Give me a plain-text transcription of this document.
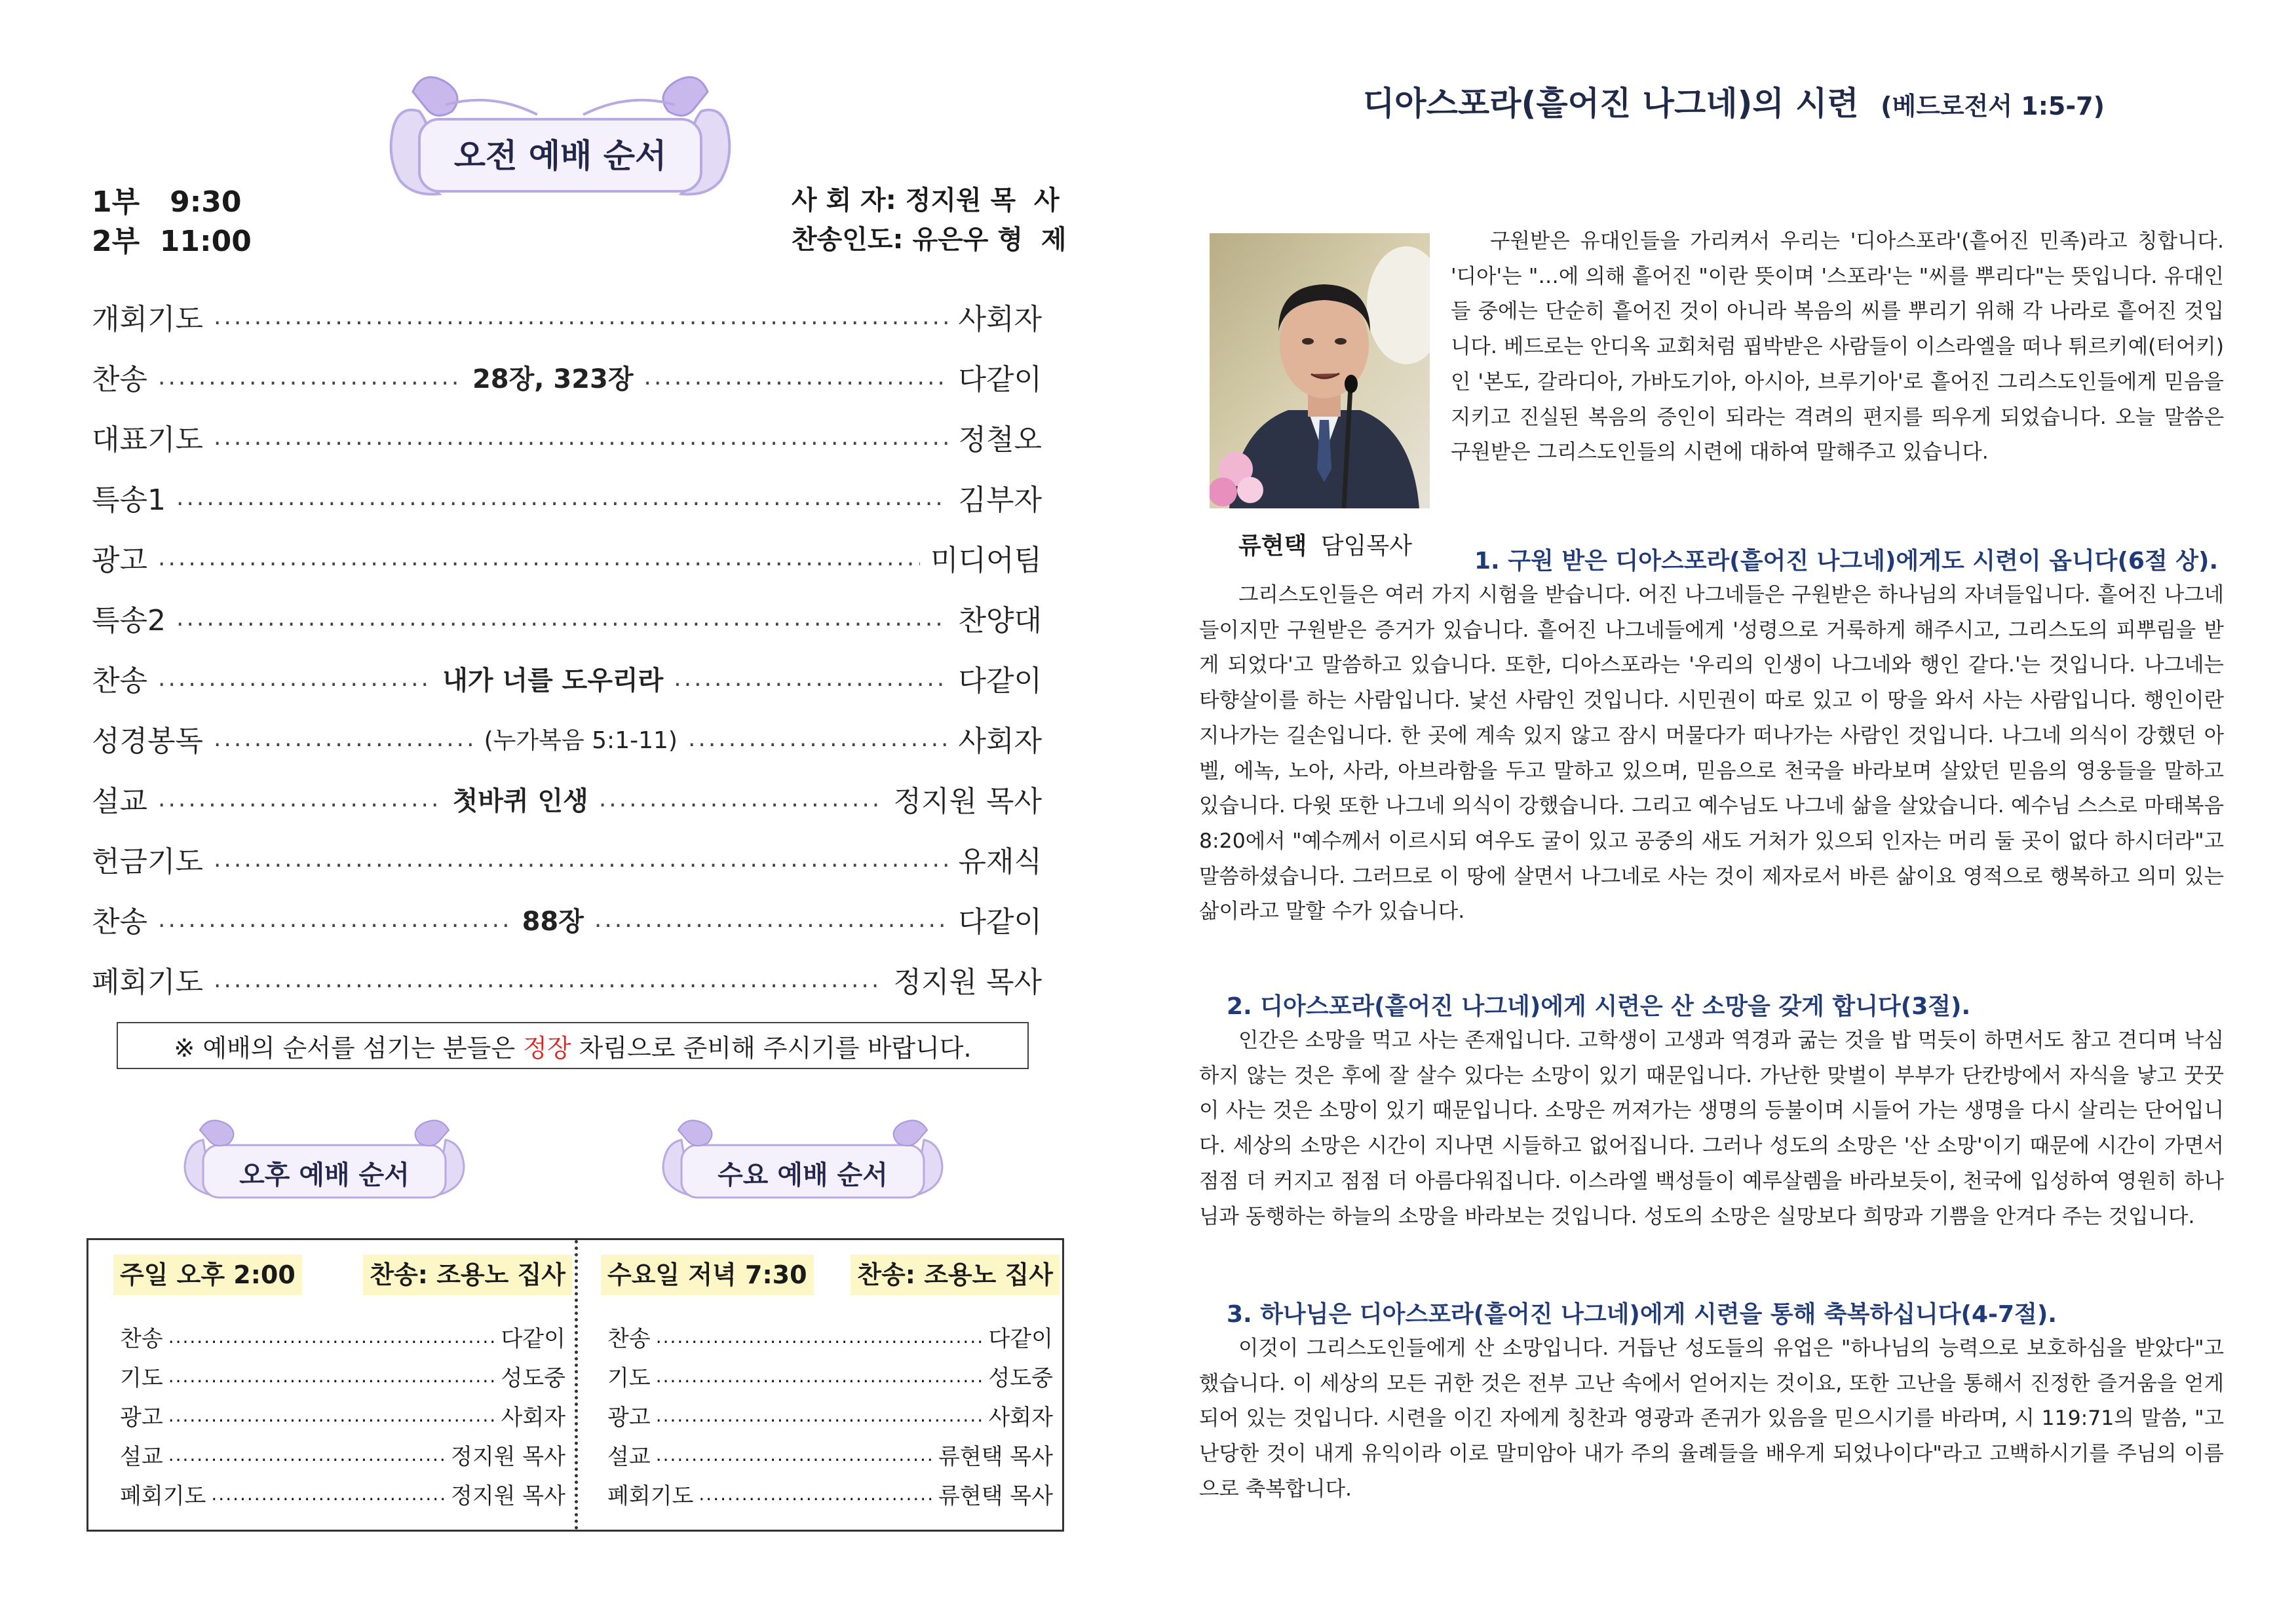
오전 예배 순서
1부   9:30
2부  11:00
사 회 자: 정지원 목  사
찬송인도: 유은우 형  제
개회기도 .....	사회자
찬송 .....	28장, 323장 .....	다같이
대표기도 .....	정철오
특송1 .....	김부자
광고 .....	미디어팀
특송2 .....	찬양대
찬송 .....	내가 너를 도우리라 .....	다같이
성경봉독 .....	(누가복음 5:1-11) .....	사회자
설교 .....	첫바퀴 인생 .....	정지원 목사
헌금기도 .....	유재식
찬송 .....	88장 .....	다같이
폐회기도 .....	정지원 목사
※ 예배의 순서를 섬기는 분들은 정장 차림으로 준비해 주시기를 바랍니다.
오후 예배 순서	수요 예배 순서
주일 오후 2:00	찬송: 조용노 집사
찬송 .....	다같이
기도 .....	성도중
광고 .....	사회자
설교 .....	정지원 목사
폐회기도 .....	정지원 목사
수요일 저녁 7:30 찬송: 조용노 집사
찬송 .....	다같이
기도 .....	성도중
광고 .....	사회자
설교 .....	류현택 목사
폐회기도 .....	류현택 목사
디아스포라(흩어진 나그네)의 시련 (베드로전서 1:5-7)
류현택 담임목사

구원받은 유대인들을 가리켜서 우리는 '디아스포라'(흩어진 민족)라고 칭합니다. '디아'는 "…에 의해 흩어진 "이란 뜻이며 '스포라'는 "씨를 뿌리다"는 뜻입니다. 유대인들 중에는 단순히 흩어진 것이 아니라 복음의 씨를 뿌리기 위해 각 나라로 흩어진 것입니다. 베드로는 안디옥 교회처럼 핍박받은 사람들이 이스라엘을 떠나 튀르키예(터어키)인 '본도, 갈라디아, 가바도기아, 아시아, 브루기아'로 흩어진 그리스도인들에게 믿음을 지키고 진실된 복음의 증인이 되라는 격려의 편지를 띄우게 되었습니다. 오늘 말씀은 구원받은 그리스도인들의 시련에 대하여 말해주고 있습니다.

1. 구원 받은 디아스포라(흩어진 나그네)에게도 시련이 옵니다(6절 상).

그리스도인들은 여러 가지 시험을 받습니다. 어진 나그네들은 구원받은 하나님의 자녀들입니다. 흩어진 나그네들이지만 구원받은 증거가 있습니다. 흩어진 나그네들에게 '성령으로 거룩하게 해주시고, 그리스도의 피뿌림을 받게 되었다'고 말씀하고 있습니다. 또한, 디아스포라는 '우리의 인생이 나그네와 행인 같다.'는 것입니다. 나그네는 타향살이를 하는 사람입니다. 낯선 사람인 것입니다. 시민권이 따로 있고 이 땅을 와서 사는 사람입니다. 행인이란 지나가는 길손입니다. 한 곳에 계속 있지 않고 잠시 머물다가 떠나가는 사람인 것입니다. 나그네 의식이 강했던 아벨, 에녹, 노아, 사라, 아브라함을 두고 말하고 있으며, 믿음으로 천국을 바라보며 살았던 믿음의 영웅들을 말하고 있습니다. 다윗 또한 나그네 의식이 강했습니다. 그리고 예수님도 나그네 삶을 살았습니다. 예수님 스스로 마태복음 8:20에서 "예수께서 이르시되 여우도 굴이 있고 공중의 새도 거처가 있으되 인자는 머리 둘 곳이 없다 하시더라"고 말씀하셨습니다. 그러므로 이 땅에 살면서 나그네로 사는 것이 제자로서 바른 삶이요 영적으로 행복하고 의미 있는 삶이라고 말할 수가 있습니다.

2. 디아스포라(흩어진 나그네)에게 시련은 산 소망을 갖게 합니다(3절).

인간은 소망을 먹고 사는 존재입니다. 고학생이 고생과 역경과 굶는 것을 밥 먹듯이 하면서도 참고 견디며 낙심하지 않는 것은 후에 잘 살수 있다는 소망이 있기 때문입니다. 가난한 맞벌이 부부가 단칸방에서 자식을 낳고 꿋꿋이 사는 것은 소망이 있기 때문입니다. 소망은 꺼져가는 생명의 등불이며 시들어 가는 생명을 다시 살리는 단어입니다. 세상의 소망은 시간이 지나면 시들하고 없어집니다. 그러나 성도의 소망은 '산 소망'이기 때문에 시간이 가면서 점점 더 커지고 점점 더 아름다워집니다. 이스라엘 백성들이 예루살렘을 바라보듯이, 천국에 입성하여 영원히 하나님과 동행하는 하늘의 소망을 바라보는 것입니다. 성도의 소망은 실망보다 희망과 기쁨을 안겨다 주는 것입니다.

3. 하나님은 디아스포라(흩어진 나그네)에게 시련을 통해 축복하십니다(4-7절).

이것이 그리스도인들에게 산 소망입니다. 거듭난 성도들의 유업은 "하나님의 능력으로 보호하심을 받았다"고 했습니다. 이 세상의 모든 귀한 것은 전부 고난 속에서 얻어지는 것이요, 또한 고난을 통해서 진정한 즐거움을 얻게 되어 있는 것입니다. 시련을 이긴 자에게 칭찬과 영광과 존귀가 있음을 믿으시기를 바라며, 시 119:71의 말씀, "고난당한 것이 내게 유익이라 이로 말미암아 내가 주의 율례들을 배우게 되었나이다"라고 고백하시기를 주님의 이름으로 축복합니다.
